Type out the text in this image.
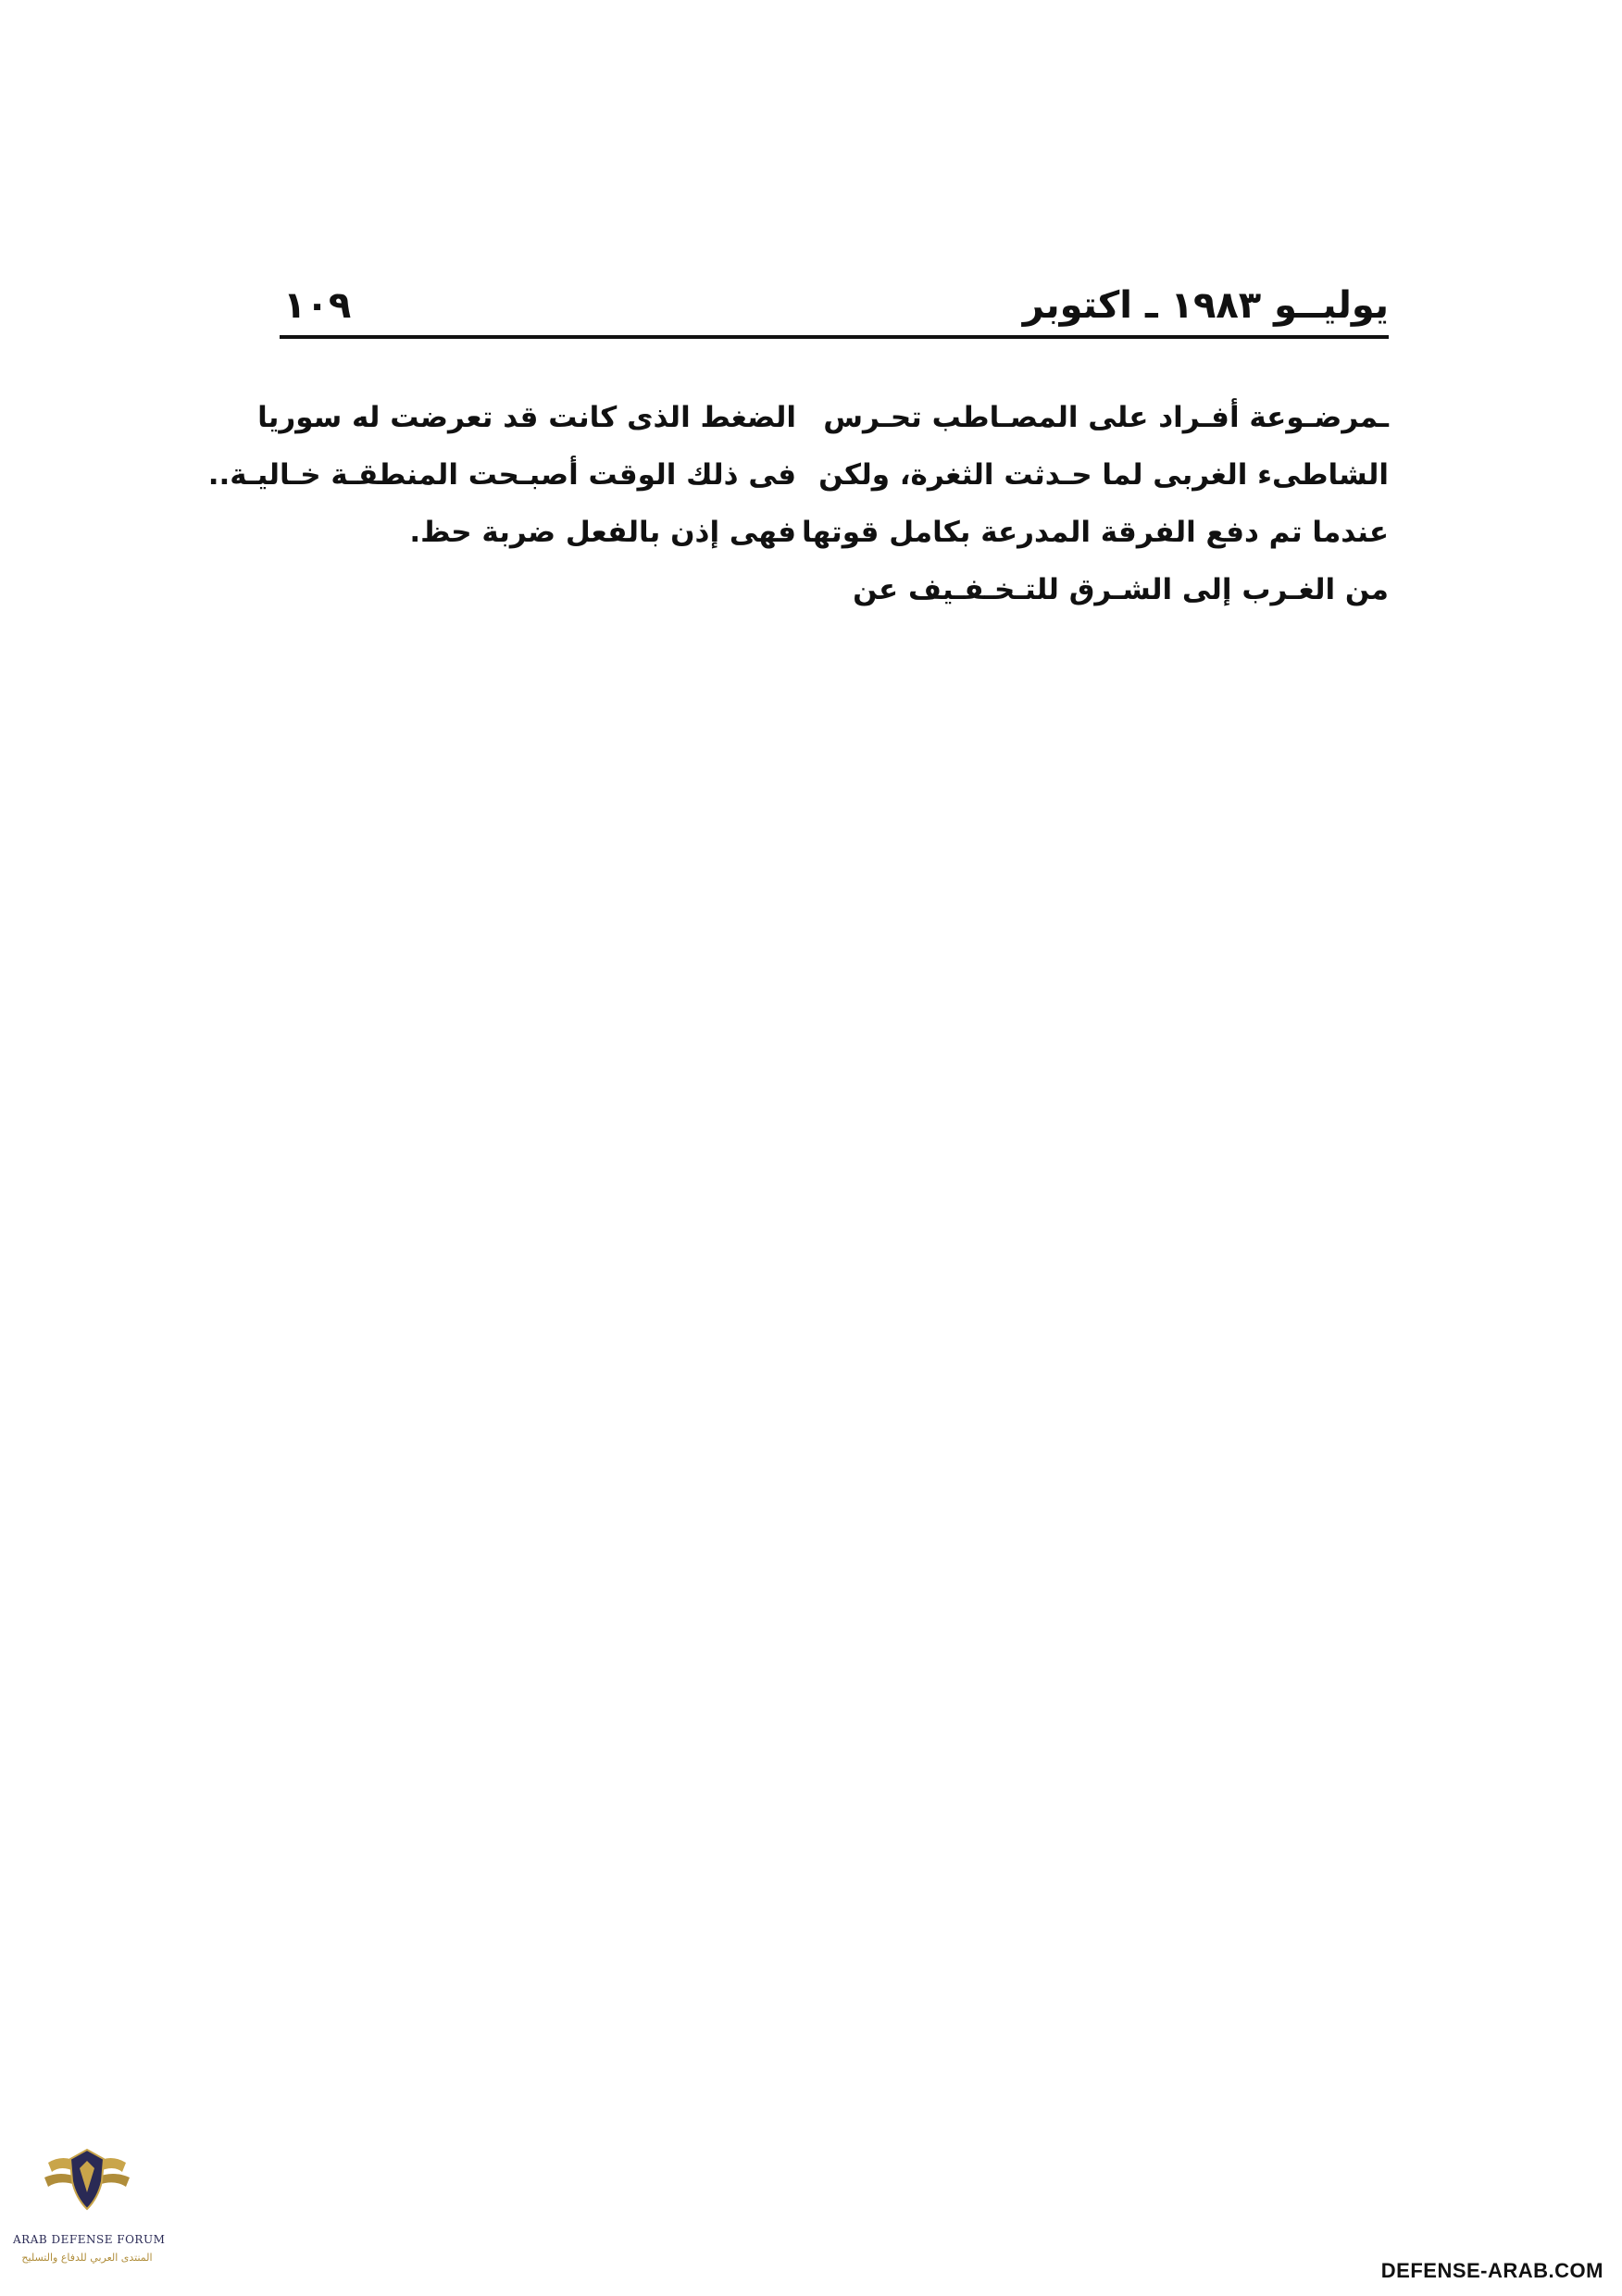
يوليــو ١٩٨٣ ـ اكتوبر
١٠٩
ـمرضـوعة أفـراد على المصـاطب تحـرس
الشاطىء الغربى لما حـدثت الثغرة، ولكن
عندما تم دفع الفرقة المدرعة بكامل قوتها
من الغـرب إلى الشـرق للتـخـفـيف عن
الضغط الذى كانت قد تعرضت له سوريا
فى ذلك الوقت أصبـحت المنطقـة خـاليـة..
فهى إذن بالفعل ضربة حظ.
ARAB DEFENSE FORUM
المنتدى العربي للدفاع والتسليح
DEFENSE-ARAB.COM
